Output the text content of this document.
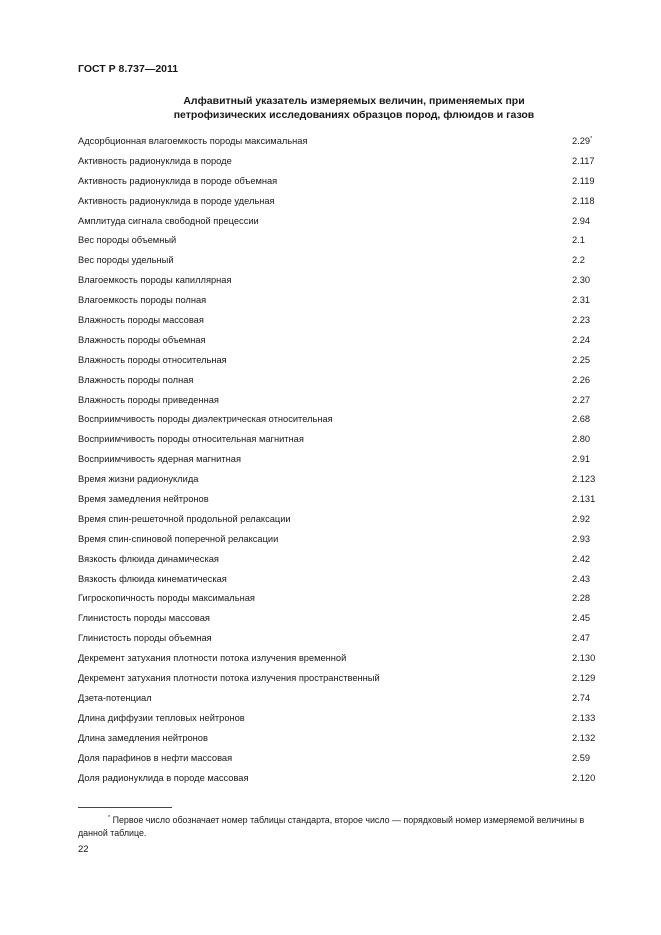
ГОСТ Р 8.737—2011
Алфавитный указатель измеряемых величин, применяемых при
петрофизических исследованиях образцов пород, флюидов и газов
Адсорбционная влагоемкость породы максимальная	2.29*
Активность радионуклида в породе	2.117
Активность радионуклида в породе объемная	2.119
Активность радионуклида в породе удельная	2.118
Амплитуда сигнала свободной прецессии	2.94
Вес породы объемный	2.1
Вес породы удельный	2.2
Влагоемкость породы капиллярная	2.30
Влагоемкость породы полная	2.31
Влажность породы массовая	2.23
Влажность породы объемная	2.24
Влажность породы относительная	2.25
Влажность породы полная	2.26
Влажность породы приведенная	2.27
Восприимчивость породы диэлектрическая относительная	2.68
Восприимчивость породы относительная магнитная	2.80
Восприимчивость ядерная магнитная	2.91
Время жизни радионуклида	2.123
Время замедления нейтронов	2.131
Время спин-решеточной продольной релаксации	2.92
Время спин-спиновой поперечной релаксации	2.93
Вязкость флюида динамическая	2.42
Вязкость флюида кинематическая	2.43
Гигроскопичность породы максимальная	2.28
Глинистость породы массовая	2.45
Глинистость породы объемная	2.47
Декремент затухания плотности потока излучения временной	2.130
Декремент затухания плотности потока излучения пространственный	2.129
Дзета-потенциал	2.74
Длина диффузии тепловых нейтронов	2.133
Длина замедления нейтронов	2.132
Доля парафинов в нефти массовая	2.59
Доля радионуклида в породе массовая	2.120
* Первое число обозначает номер таблицы стандарта, второе число — порядковый номер измеряемой величины в данной таблице.
22
